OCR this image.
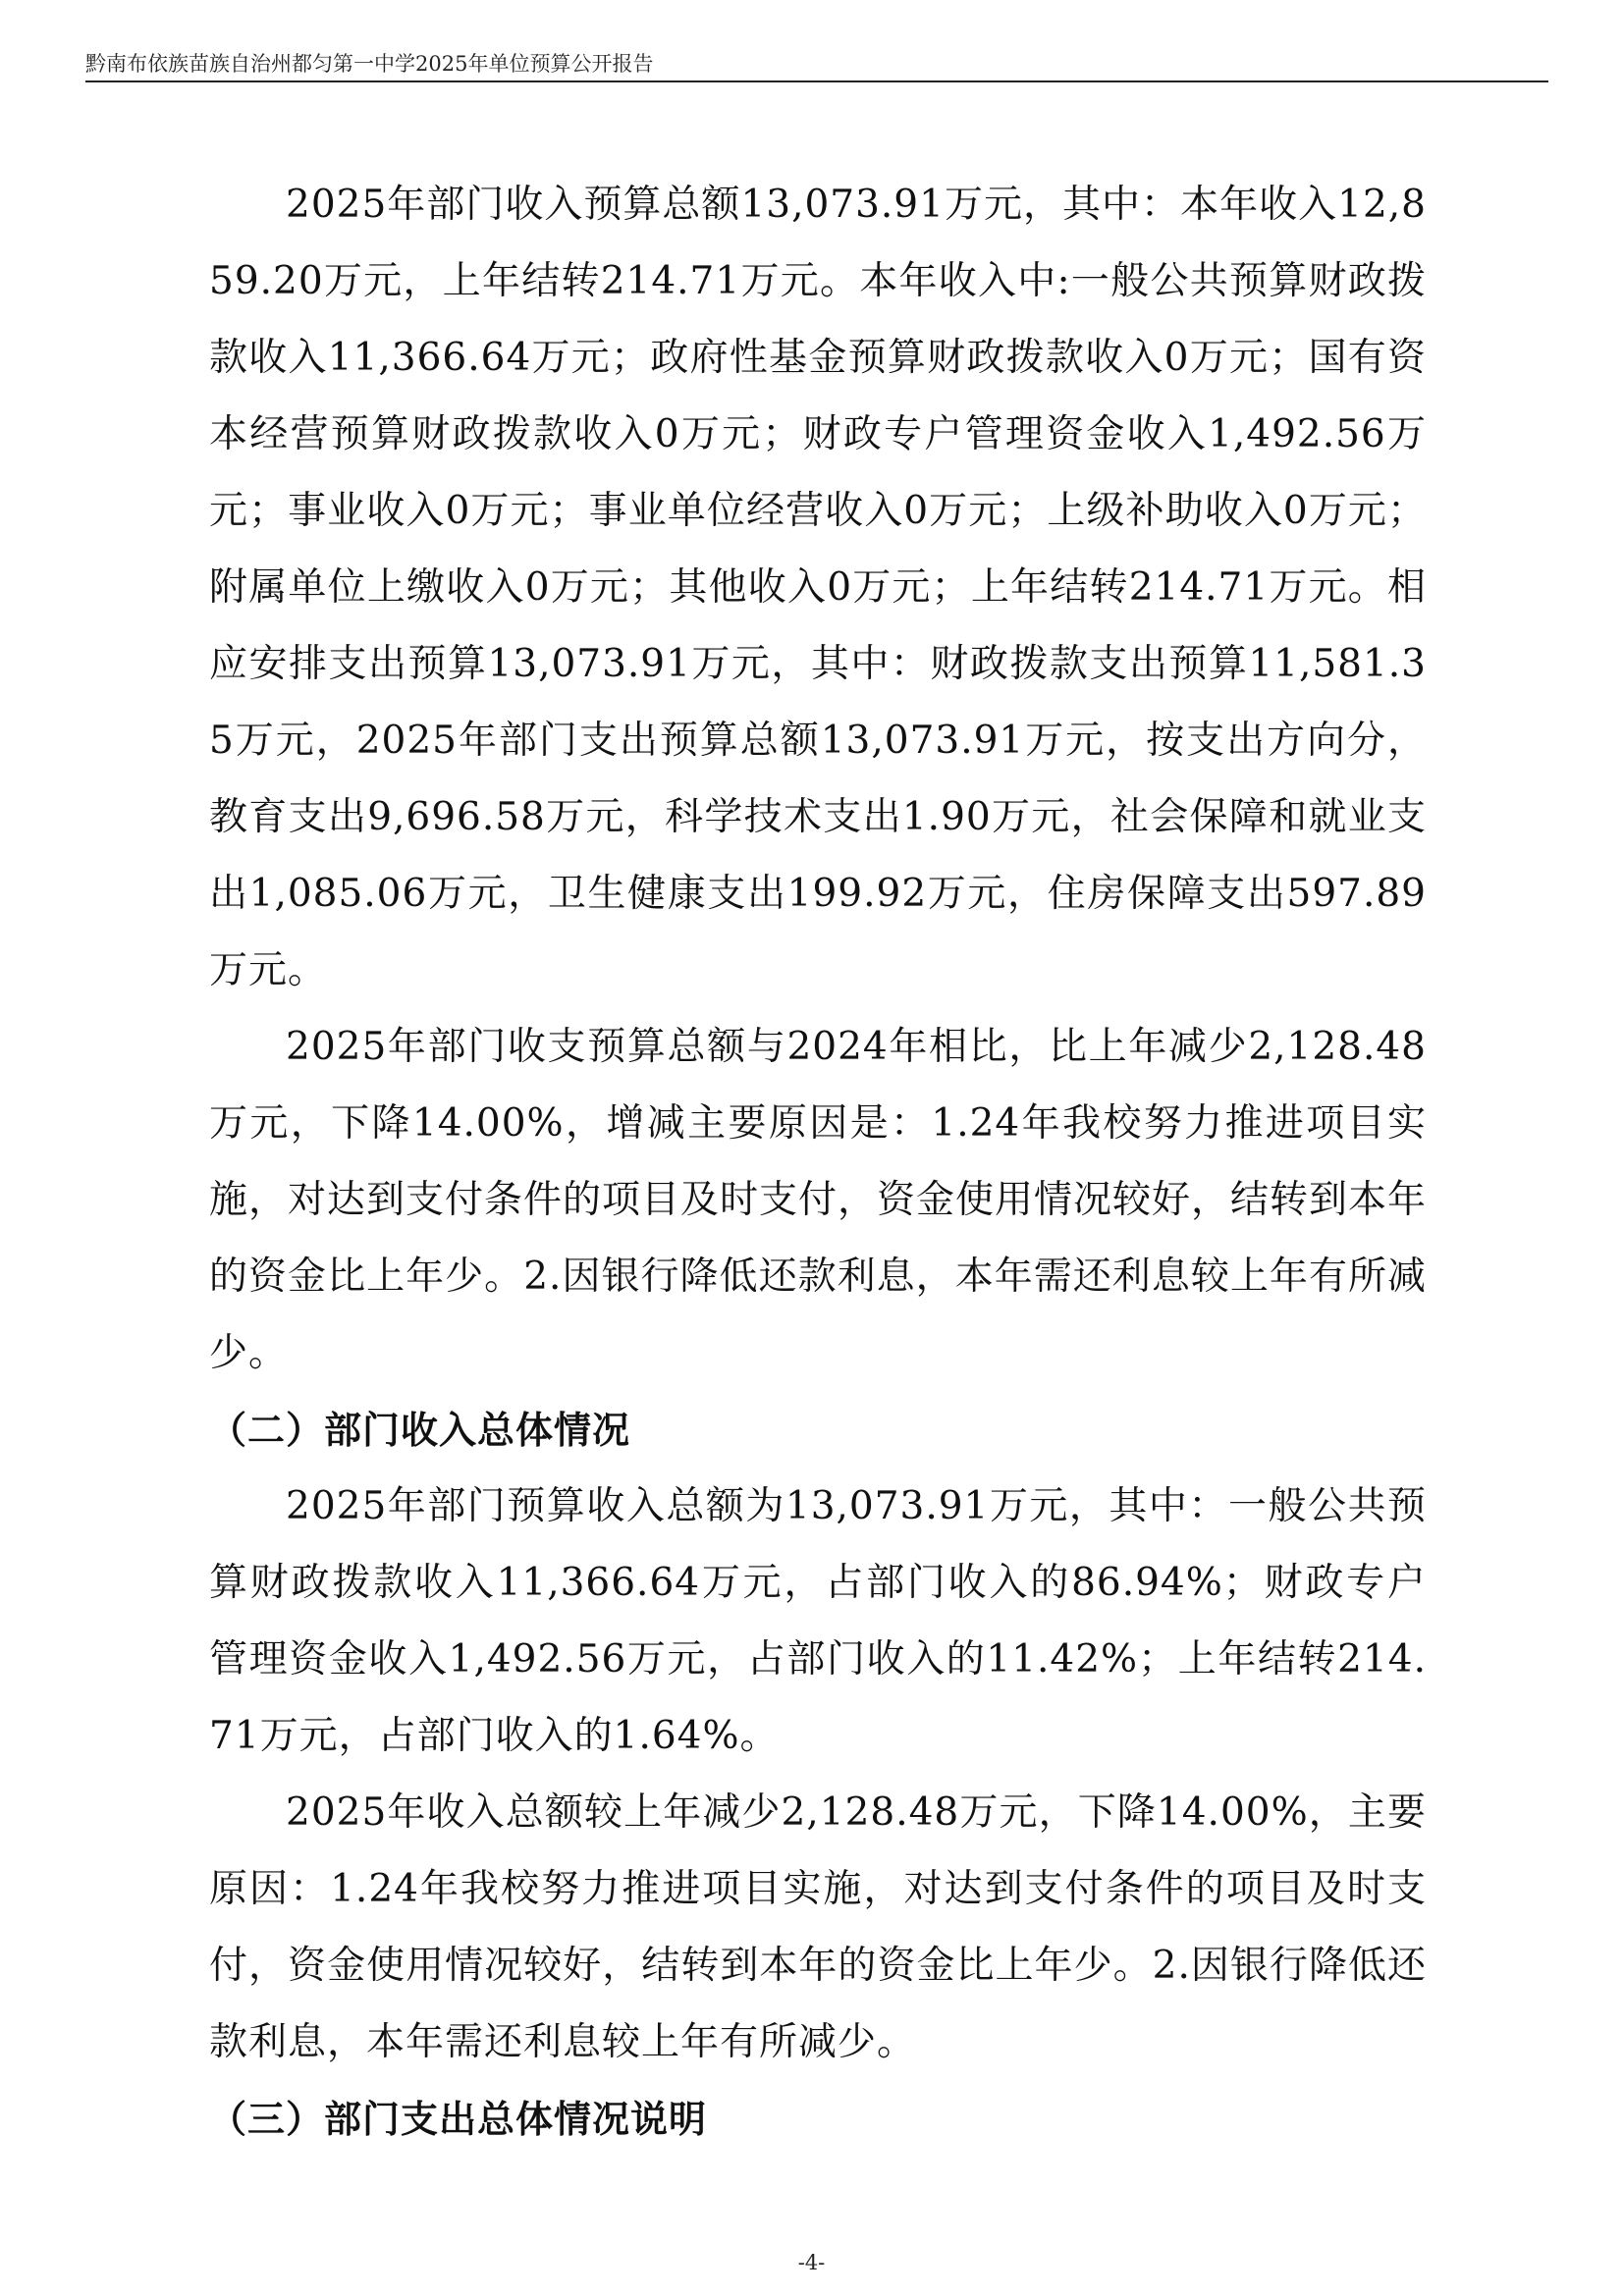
黔南布依族苗族自治州都匀第一中学2025年单位预算公开报告

2025年部门收入预算总额13,073.91万元，其中：本年收入12,859.20万元，上年结转214.71万元。本年收入中:一般公共预算财政拨款收入11,366.64万元；政府性基金预算财政拨款收入0万元；国有资本经营预算财政拨款收入0万元；财政专户管理资金收入1,492.56万元；事业收入0万元；事业单位经营收入0万元；上级补助收入0万元；附属单位上缴收入0万元；其他收入0万元；上年结转214.71万元。相应安排支出预算13,073.91万元，其中：财政拨款支出预算11,581.35万元，2025年部门支出预算总额13,073.91万元，按支出方向分，教育支出9,696.58万元，科学技术支出1.90万元，社会保障和就业支出1,085.06万元，卫生健康支出199.92万元，住房保障支出597.89万元。

2025年部门收支预算总额与2024年相比，比上年减少2,128.48万元，下降14.00%，增减主要原因是：1.24年我校努力推进项目实施，对达到支付条件的项目及时支付，资金使用情况较好，结转到本年的资金比上年少。2.因银行降低还款利息，本年需还利息较上年有所减少。

（二）部门收入总体情况

2025年部门预算收入总额为13,073.91万元，其中：一般公共预算财政拨款收入11,366.64万元，占部门收入的86.94%；财政专户管理资金收入1,492.56万元，占部门收入的11.42%；上年结转214.71万元，占部门收入的1.64%。

2025年收入总额较上年减少2,128.48万元，下降14.00%，主要原因：1.24年我校努力推进项目实施，对达到支付条件的项目及时支付，资金使用情况较好，结转到本年的资金比上年少。2.因银行降低还款利息，本年需还利息较上年有所减少。

（三）部门支出总体情况说明
-4-
